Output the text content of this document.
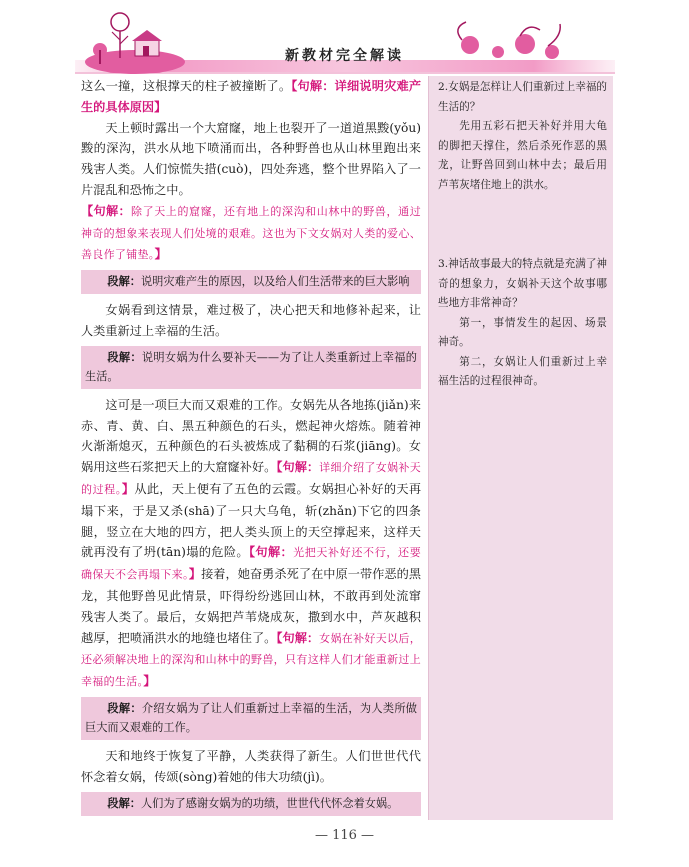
新教材完全解读

这么一撞，这根撑天的柱子被撞断了。【句解：详细说明灾难产生的具体原因】

天上顿时露出一个大窟窿，地上也裂开了一道道黑黢(yǒu)黢的深沟，洪水从地下喷涌而出，各种野兽也从山林里跑出来残害人类。人们惊慌失措(cuò)，四处奔逃，整个世界陷入了一片混乱和恐怖之中。

【句解：除了天上的窟窿，还有地上的深沟和山林中的野兽，通过神奇的想象来表现人们处境的艰难。这也为下文女娲对人类的爱心、善良作了铺垫。】

段解：说明灾难产生的原因，以及给人们生活带来的巨大影响

女娲看到这情景，难过极了，决心把天和地修补起来，让人类重新过上幸福的生活。

段解：说明女娲为什么要补天——为了让人类重新过上幸福的生活。

这可是一项巨大而又艰难的工作。女娲先从各地拣(jiǎn)来赤、青、黄、白、黑五种颜色的石头，燃起神火熔炼。随着神火渐渐熄灭，五种颜色的石头被炼成了黏稠的石浆(jiāng)。女娲用这些石浆把天上的大窟窿补好。【句解：详细介绍了女娲补天的过程。】从此，天上便有了五色的云霞。女娲担心补好的天再塌下来，于是又杀(shā)了一只大乌龟，斩(zhǎn)下它的四条腿，竖立在大地的四方，把人类头顶上的天空撑起来，这样天就再没有了坍(tān)塌的危险。【句解：光把天补好还不行，还要确保天不会再塌下来。】接着，她奋勇杀死了在中原一带作恶的黑龙，其他野兽见此情景，吓得纷纷逃回山林，不敢再到处流窜残害人类了。最后，女娲把芦苇烧成灰，撒到水中，芦灰越积越厚，把喷涌洪水的地缝也堵住了。【句解：女娲在补好天以后，还必须解决地上的深沟和山林中的野兽，只有这样人们才能重新过上幸福的生活。】

段解：介绍女娲为了让人们重新过上幸福的生活，为人类所做巨大而又艰难的工作。

天和地终于恢复了平静，人类获得了新生。人们世世代代怀念着女娲，传颂(sòng)着她的伟大功绩(jì)。

段解：人们为了感谢女娲为的功绩，世世代代怀念着女娲。

2.女娲是怎样让人们重新过上幸福的生活的？

先用五彩石把天补好并用大龟的脚把天撑住，然后杀死作恶的黑龙，让野兽回到山林中去；最后用芦苇灰堵住地上的洪水。

3.神话故事最大的特点就是充满了神奇的想象力，女娲补天这个故事哪些地方非常神奇？

第一，事情发生的起因、场景神奇。

第二，女娲让人们重新过上幸福生活的过程很神奇。

— 116 —
